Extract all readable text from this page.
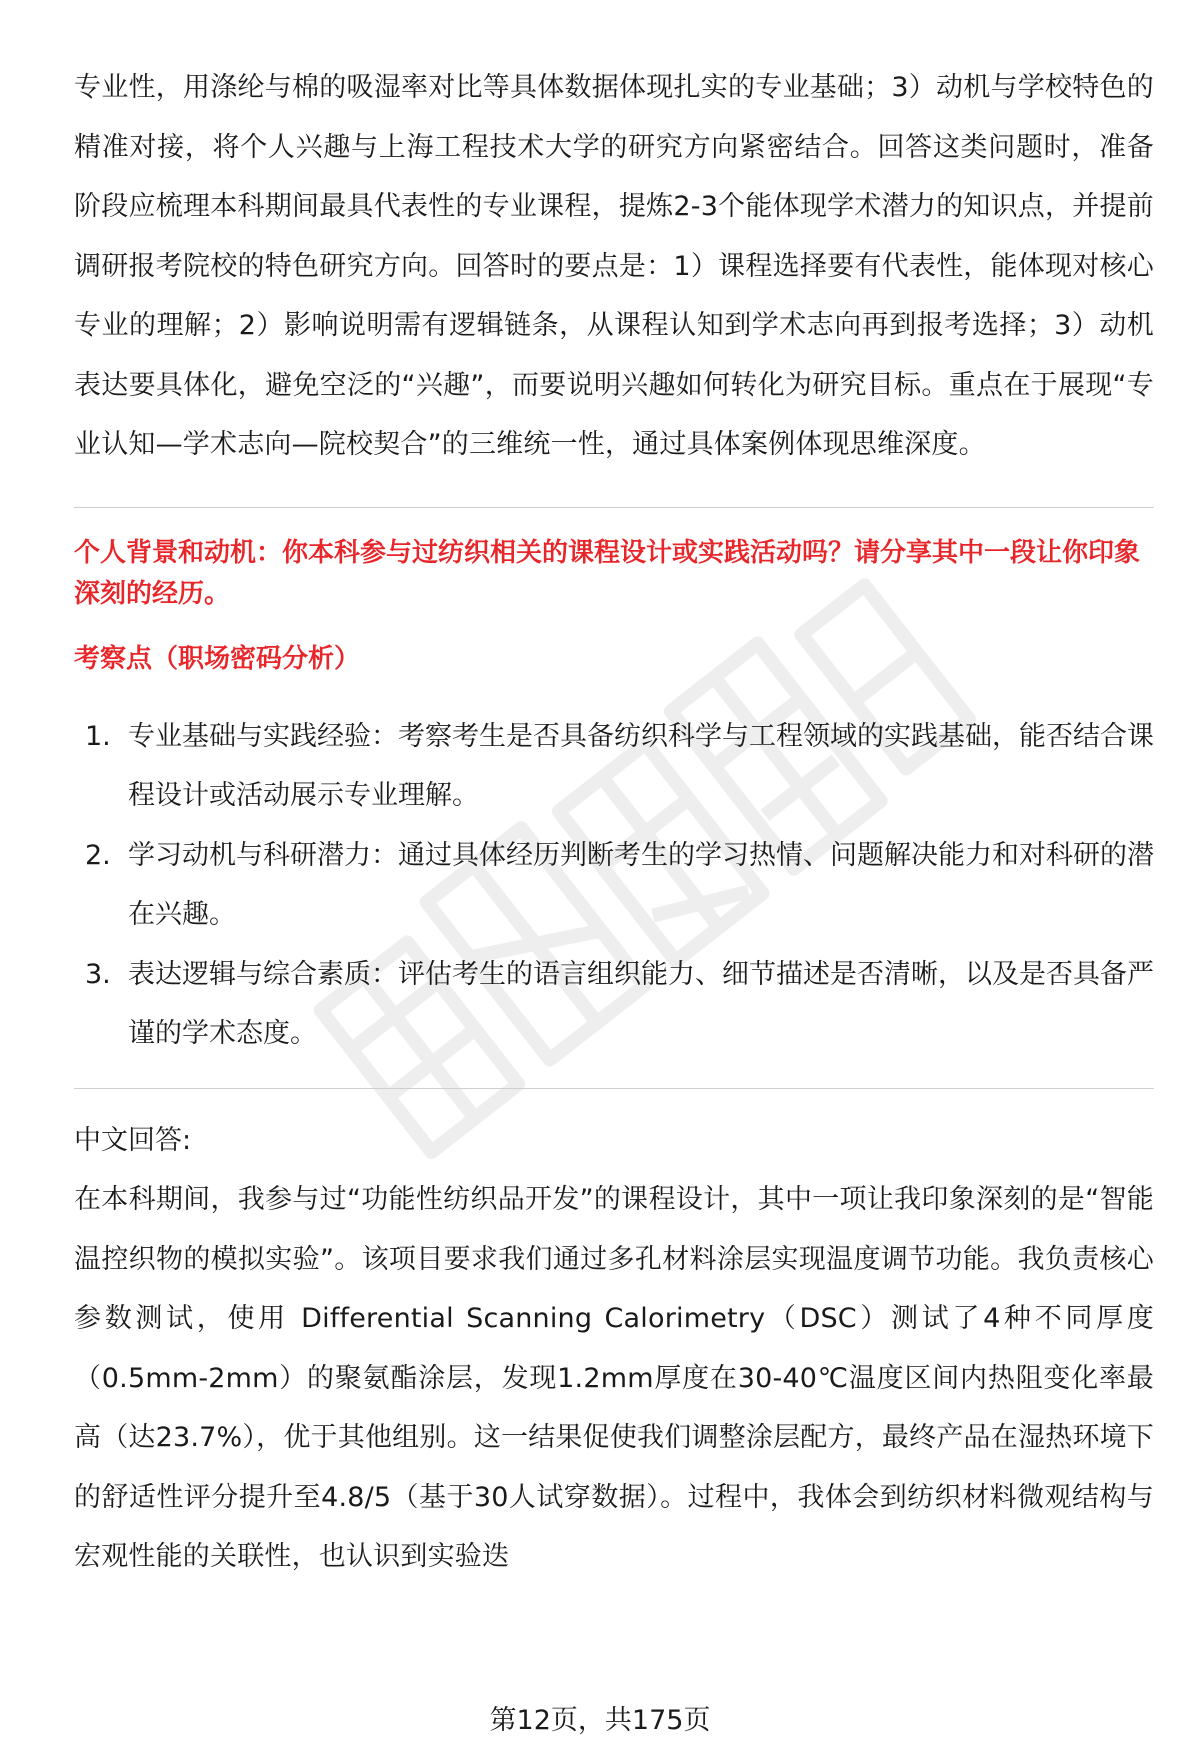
专业性，用涤纶与棉的吸湿率对比等具体数据体现扎实的专业基础；3）动机与学校特色的精准对接，将个人兴趣与上海工程技术大学的研究方向紧密结合。回答这类问题时，准备阶段应梳理本科期间最具代表性的专业课程，提炼2-3个能体现学术潜力的知识点，并提前调研报考院校的特色研究方向。回答时的要点是：1）课程选择要有代表性，能体现对核心专业的理解；2）影响说明需有逻辑链条，从课程认知到学术志向再到报考选择；3）动机表达要具体化，避免空泛的“兴趣”，而要说明兴趣如何转化为研究目标。重点在于展现“专业认知—学术志向—院校契合”的三维统一性，通过具体案例体现思维深度。

个人背景和动机：你本科参与过纺织相关的课程设计或实践活动吗？请分享其中一段让你印象深刻的经历。

考察点（职场密码分析）

1. 专业基础与实践经验：考察考生是否具备纺织科学与工程领域的实践基础，能否结合课程设计或活动展示专业理解。
2. 学习动机与科研潜力：通过具体经历判断考生的学习热情、问题解决能力和对科研的潜在兴趣。
3. 表达逻辑与综合素质：评估考生的语言组织能力、细节描述是否清晰，以及是否具备严谨的学术态度。

中文回答:

在本科期间，我参与过“功能性纺织品开发”的课程设计，其中一项让我印象深刻的是“智能温控织物的模拟实验”。该项目要求我们通过多孔材料涂层实现温度调节功能。我负责核心参数测试，使用 Differential Scanning Calorimetry（DSC）测试了4种不同厚度（0.5mm-2mm）的聚氨酯涂层，发现1.2mm厚度在30-40℃温度区间内热阻变化率最高（达23.7%），优于其他组别。这一结果促使我们调整涂层配方，最终产品在湿热环境下的舒适性评分提升至4.8/5（基于30人试穿数据）。过程中，我体会到纺织材料微观结构与宏观性能的关联性，也认识到实验迭

第12页，共175页
